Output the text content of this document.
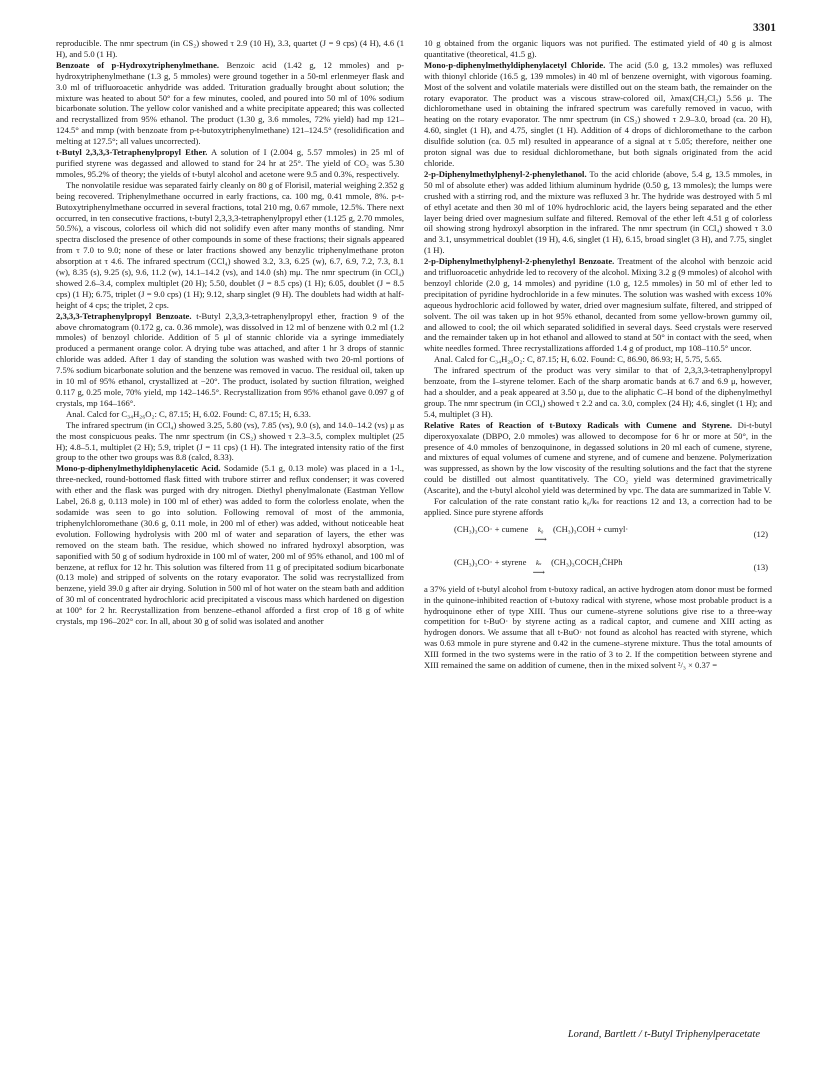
3301

reproducible. The nmr spectrum (in CS₂) showed τ 2.9 (10 H), 3.3, quartet (J = 9 cps) (4 H), 4.6 (1 H), and 5.0 (1 H).

Benzoate of p-Hydroxytriphenylmethane. Benzoic acid (1.42 g, 12 mmoles) and p-hydroxytriphenylmethane (1.3 g, 5 mmoles) were ground together in a 50-ml erlenmeyer flask and 3.0 ml of trifluoroacetic anhydride was added. Trituration gradually brought about solution; the mixture was heated to about 50° for a few minutes, cooled, and poured into 50 ml of 10% sodium bicarbonate solution. The yellow color vanished and a white precipitate appeared; this was collected and recrystallized from 95% ethanol. The product (1.30 g, 3.6 mmoles, 72% yield) had mp 121–124.5° and mmp (with benzoate from p-t-butoxytriphenylmethane) 121–124.5° (resolidification and melting at 127.5°; all values uncorrected).

t-Butyl 2,3,3,3-Tetraphenylpropyl Ether. A solution of I (2.004 g, 5.57 mmoles) in 25 ml of purified styrene was degassed and allowed to stand for 24 hr at 25°. The yield of CO₂ was 5.30 mmoles, 95.2% of theory; the yields of t-butyl alcohol and acetone were 9.5 and 0.3%, respectively.

The nonvolatile residue was separated fairly cleanly on 80 g of Florisil, material weighing 2.352 g being recovered. Triphenylmethane occurred in early fractions, ca. 100 mg, 0.41 mmole, 8%. p-t-Butoxytriphenylmethane occurred in several fractions, total 210 mg, 0.67 mmole, 12.5%. There next occurred, in ten consecutive fractions, t-butyl 2,3,3,3-tetraphenylpropyl ether (1.125 g, 2.70 mmoles, 50.5%), a viscous, colorless oil which did not solidify even after many months of standing. Nmr spectra disclosed the presence of other compounds in some of these fractions; their signals appeared from τ 7.0 to 9.0; none of these or later fractions showed any benzylic triphenylmethane proton absorption at τ 4.6. The infrared spectrum (CCl₄) showed 3.2, 3.3, 6.25 (w), 6.7, 6.9, 7.2, 7.3, 8.1 (w), 8.35 (s), 9.25 (s), 9.6, 11.2 (w), 14.1–14.2 (vs), and 14.0 (sh) mμ. The nmr spectrum (in CCl₄) showed 2.6–3.4, complex multiplet (20 H); 5.50, doublet (J = 8.5 cps) (1 H); 6.05, doublet (J = 8.5 cps) (1 H); 6.75, triplet (J = 9.0 cps) (1 H); 9.12, sharp singlet (9 H). The doublets had width at half-height of 4 cps; the triplet, 2 cps.

2,3,3,3-Tetraphenylpropyl Benzoate. t-Butyl 2,3,3,3-tetraphenylpropyl ether, fraction 9 of the above chromatogram (0.172 g, ca. 0.36 mmole), was dissolved in 12 ml of benzene with 0.2 ml (1.2 mmoles) of benzoyl chloride. Addition of 5 μl of stannic chloride via a syringe immediately produced a permanent orange color. A drying tube was attached, and after 1 hr 3 drops of stannic chloride was added. After 1 day of standing the solution was washed with two 20-ml portions of 7.5% sodium bicarbonate solution and the benzene was removed in vacuo. The residual oil, taken up in 10 ml of 95% ethanol, crystallized at −20°. The product, isolated by suction filtration, weighed 0.117 g, 0.25 mole, 70% yield, mp 142–146.5°. Recrystallization from 95% ethanol gave 0.097 g of crystals, mp 164–166°.

Anal. Calcd for C₃₄H₂₆O₂: C, 87.15; H, 6.02. Found: C, 87.15; H, 6.33.

The infrared spectrum (in CCl₄) showed 3.25, 5.80 (vs), 7.85 (vs), 9.0 (s), and 14.0–14.2 (vs) μ as the most conspicuous peaks. The nmr spectrum (in CS₂) showed τ 2.3–3.5, complex multiplet (25 H); 4.8–5.1, multiplet (2 H); 5.9, triplet (J = 11 cps) (1 H). The integrated intensity ratio of the first group to the other two groups was 8.8 (calcd, 8.33).

Mono-p-diphenylmethyldiphenylacetic Acid. Sodamide (5.1 g, 0.13 mole) was placed in a 1-l., three-necked, round-bottomed flask fitted with trubore stirrer and reflux condenser; it was covered with ether and the flask was purged with dry nitrogen. Diethyl phenylmalonate (Eastman Yellow Label, 26.8 g, 0.113 mole) in 100 ml of ether) was added to form the colorless enolate, when the sodamide was seen to go into solution. Following removal of most of the ammonia, triphenylchloromethane (30.6 g, 0.11 mole, in 200 ml of ether) was added, without noticeable heat evolution. Following hydrolysis with 200 ml of water and separation of layers, the ether was removed on the steam bath. The residue, which showed no infrared hydroxyl absorption, was saponified with 50 g of sodium hydroxide in 100 ml of water, 200 ml of 95% ethanol, and 100 ml of benzene, at reflux for 12 hr. This solution was filtered from 11 g of precipitated sodium bicarbonate (0.13 mole) and stripped of solvents on the rotary evaporator. The solid was recrystallized from benzene, yield 39.0 g after air drying. Solution in 500 ml of hot water on the steam bath and addition of 30 ml of concentrated hydrochloric acid precipitated a viscous mass which hardened on digestion at 100° for 2 hr. Recrystallization from benzene–ethanol afforded a first crop of 18 g of white crystals, mp 196–202° cor. In all, about 30 g of solid was isolated and another

10 g obtained from the organic liquors was not purified. The estimated yield of 40 g is almost quantitative (theoretical, 41.5 g).

Mono-p-diphenylmethyldiphenylacetyl Chloride. The acid (5.0 g, 13.2 mmoles) was refluxed with thionyl chloride (16.5 g, 139 mmoles) in 40 ml of benzene overnight, with vigorous foaming. Most of the solvent and volatile materials were distilled out on the steam bath, the remainder on the rotary evaporator. The product was a viscous straw-colored oil, λmax(CH₂Cl₂) 5.56 μ. The dichloromethane used in obtaining the infrared spectrum was carefully removed in vacuo, with heating on the rotary evaporator. The nmr spectrum (in CS₂) showed τ 2.9–3.0, broad (ca. 20 H), 4.60, singlet (1 H), and 4.75, singlet (1 H). Addition of 4 drops of dichloromethane to the carbon disulfide solution (ca. 0.5 ml) resulted in appearance of a signal at τ 5.05; therefore, neither one proton signal was due to residual dichloromethane, but both signals originated from the acid chloride.

2-p-Diphenylmethylphenyl-2-phenylethanol. To the acid chloride (above, 5.4 g, 13.5 mmoles, in 50 ml of absolute ether) was added lithium aluminum hydride (0.50 g, 13 mmoles); the lumps were crushed with a stirring rod, and the mixture was refluxed 3 hr. The hydride was destroyed with 5 ml of ethyl acetate and then 30 ml of 10% hydrochloric acid, the layers being separated and the ether layer being dried over magnesium sulfate and filtered. Removal of the ether left 4.51 g of colorless oil showing strong hydroxyl absorption in the infrared. The nmr spectrum (in CCl₄) showed τ 3.0 and 3.1, unsymmetrical doublet (19 H), 4.6, singlet (1 H), 6.15, broad singlet (3 H), and 7.75, singlet (1 H).

2-p-Diphenylmethylphenyl-2-phenylethyl Benzoate. Treatment of the alcohol with benzoic acid and trifluoroacetic anhydride led to recovery of the alcohol. Mixing 3.2 g (9 mmoles) of alcohol with benzoyl chloride (2.0 g, 14 mmoles) and pyridine (1.0 g, 12.5 mmoles) in 50 ml of ether led to precipitation of pyridine hydrochloride in a few minutes. The solution was washed with excess 10% aqueous hydrochloric acid followed by water, dried over magnesium sulfate, filtered, and stripped of solvent. The oil was taken up in hot 95% ethanol, decanted from some yellow-brown gummy oil, and allowed to cool; the oil which separated solidified in several days. Seed crystals were reserved and the remainder taken up in hot ethanol and allowed to stand at 50° in contact with the seed, when white needles formed. Three recrystallizations afforded 1.4 g of product, mp 108–110.5° uncor.

Anal. Calcd for C₃₄H₂₆O₂: C, 87.15; H, 6.02. Found: C, 86.90, 86.93; H, 5.75, 5.65.

The infrared spectrum of the product was very similar to that of 2,3,3,3-tetraphenylpropyl benzoate, from the I–styrene telomer. Each of the sharp aromatic bands at 6.7 and 6.9 μ, however, had a shoulder, and a peak appeared at 3.50 μ, due to the aliphatic C–H bond of the diphenylmethyl group. The nmr spectrum (in CCl₄) showed τ 2.2 and ca. 3.0, complex (24 H); 4.6, singlet (1 H); and 5.4, multiplet (3 H).

Relative Rates of Reaction of t-Butoxy Radicals with Cumene and Styrene. Di-t-butyl diperoxyoxalate (DBPO, 2.0 mmoles) was allowed to decompose for 6 hr or more at 50°, in the presence of 4.0 mmoles of benzoquinone, in degassed solutions in 20 ml each of cumene, styrene, and mixtures of equal volumes of cumene and styrene, and of cumene and benzene. Polymerization was suppressed, as shown by the low viscosity of the resulting solutions and the fact that the styrene could be distilled out almost quantitatively. The CO₂ yield was determined gravimetrically (Ascarite), and the t-butyl alcohol yield was determined by vpc. The data are summarized in Table V.

For calculation of the rate constant ratio k₀/kₛ for reactions 12 and 13, a correction had to be applied. Since pure styrene affords

(CH₃)₃CO· + cumene k₀
⟶ (CH₃)₃COH + cumyl·	(12)
(CH₃)₃CO· + styrene kₛ
⟶ (CH₃)₃COCH₂ĊHPh	(13)

a 37% yield of t-butyl alcohol from t-butoxy radical, an active hydrogen atom donor must be formed in the quinone-inhibited reaction of t-butoxy radical with styrene, whose most probable product is a hydroquinone ether of type XIII. Thus our cumene–styrene solutions give rise to a three-way competition for t-BuO· by styrene acting as a radical captor, and cumene and XIII acting as hydrogen donors. We assume that all t-BuO· not found as alcohol has reacted with styrene, which was 0.63 mmole in pure styrene and 0.42 in the cumene–styrene mixture. Thus the total amounts of XIII formed in the two systems were in the ratio of 3 to 2. If the competition between styrene and XIII remained the same on addition of cumene, then in the mixed solvent ²/₃ × 0.37 =

Lorand, Bartlett / t-Butyl Triphenylperacetate
